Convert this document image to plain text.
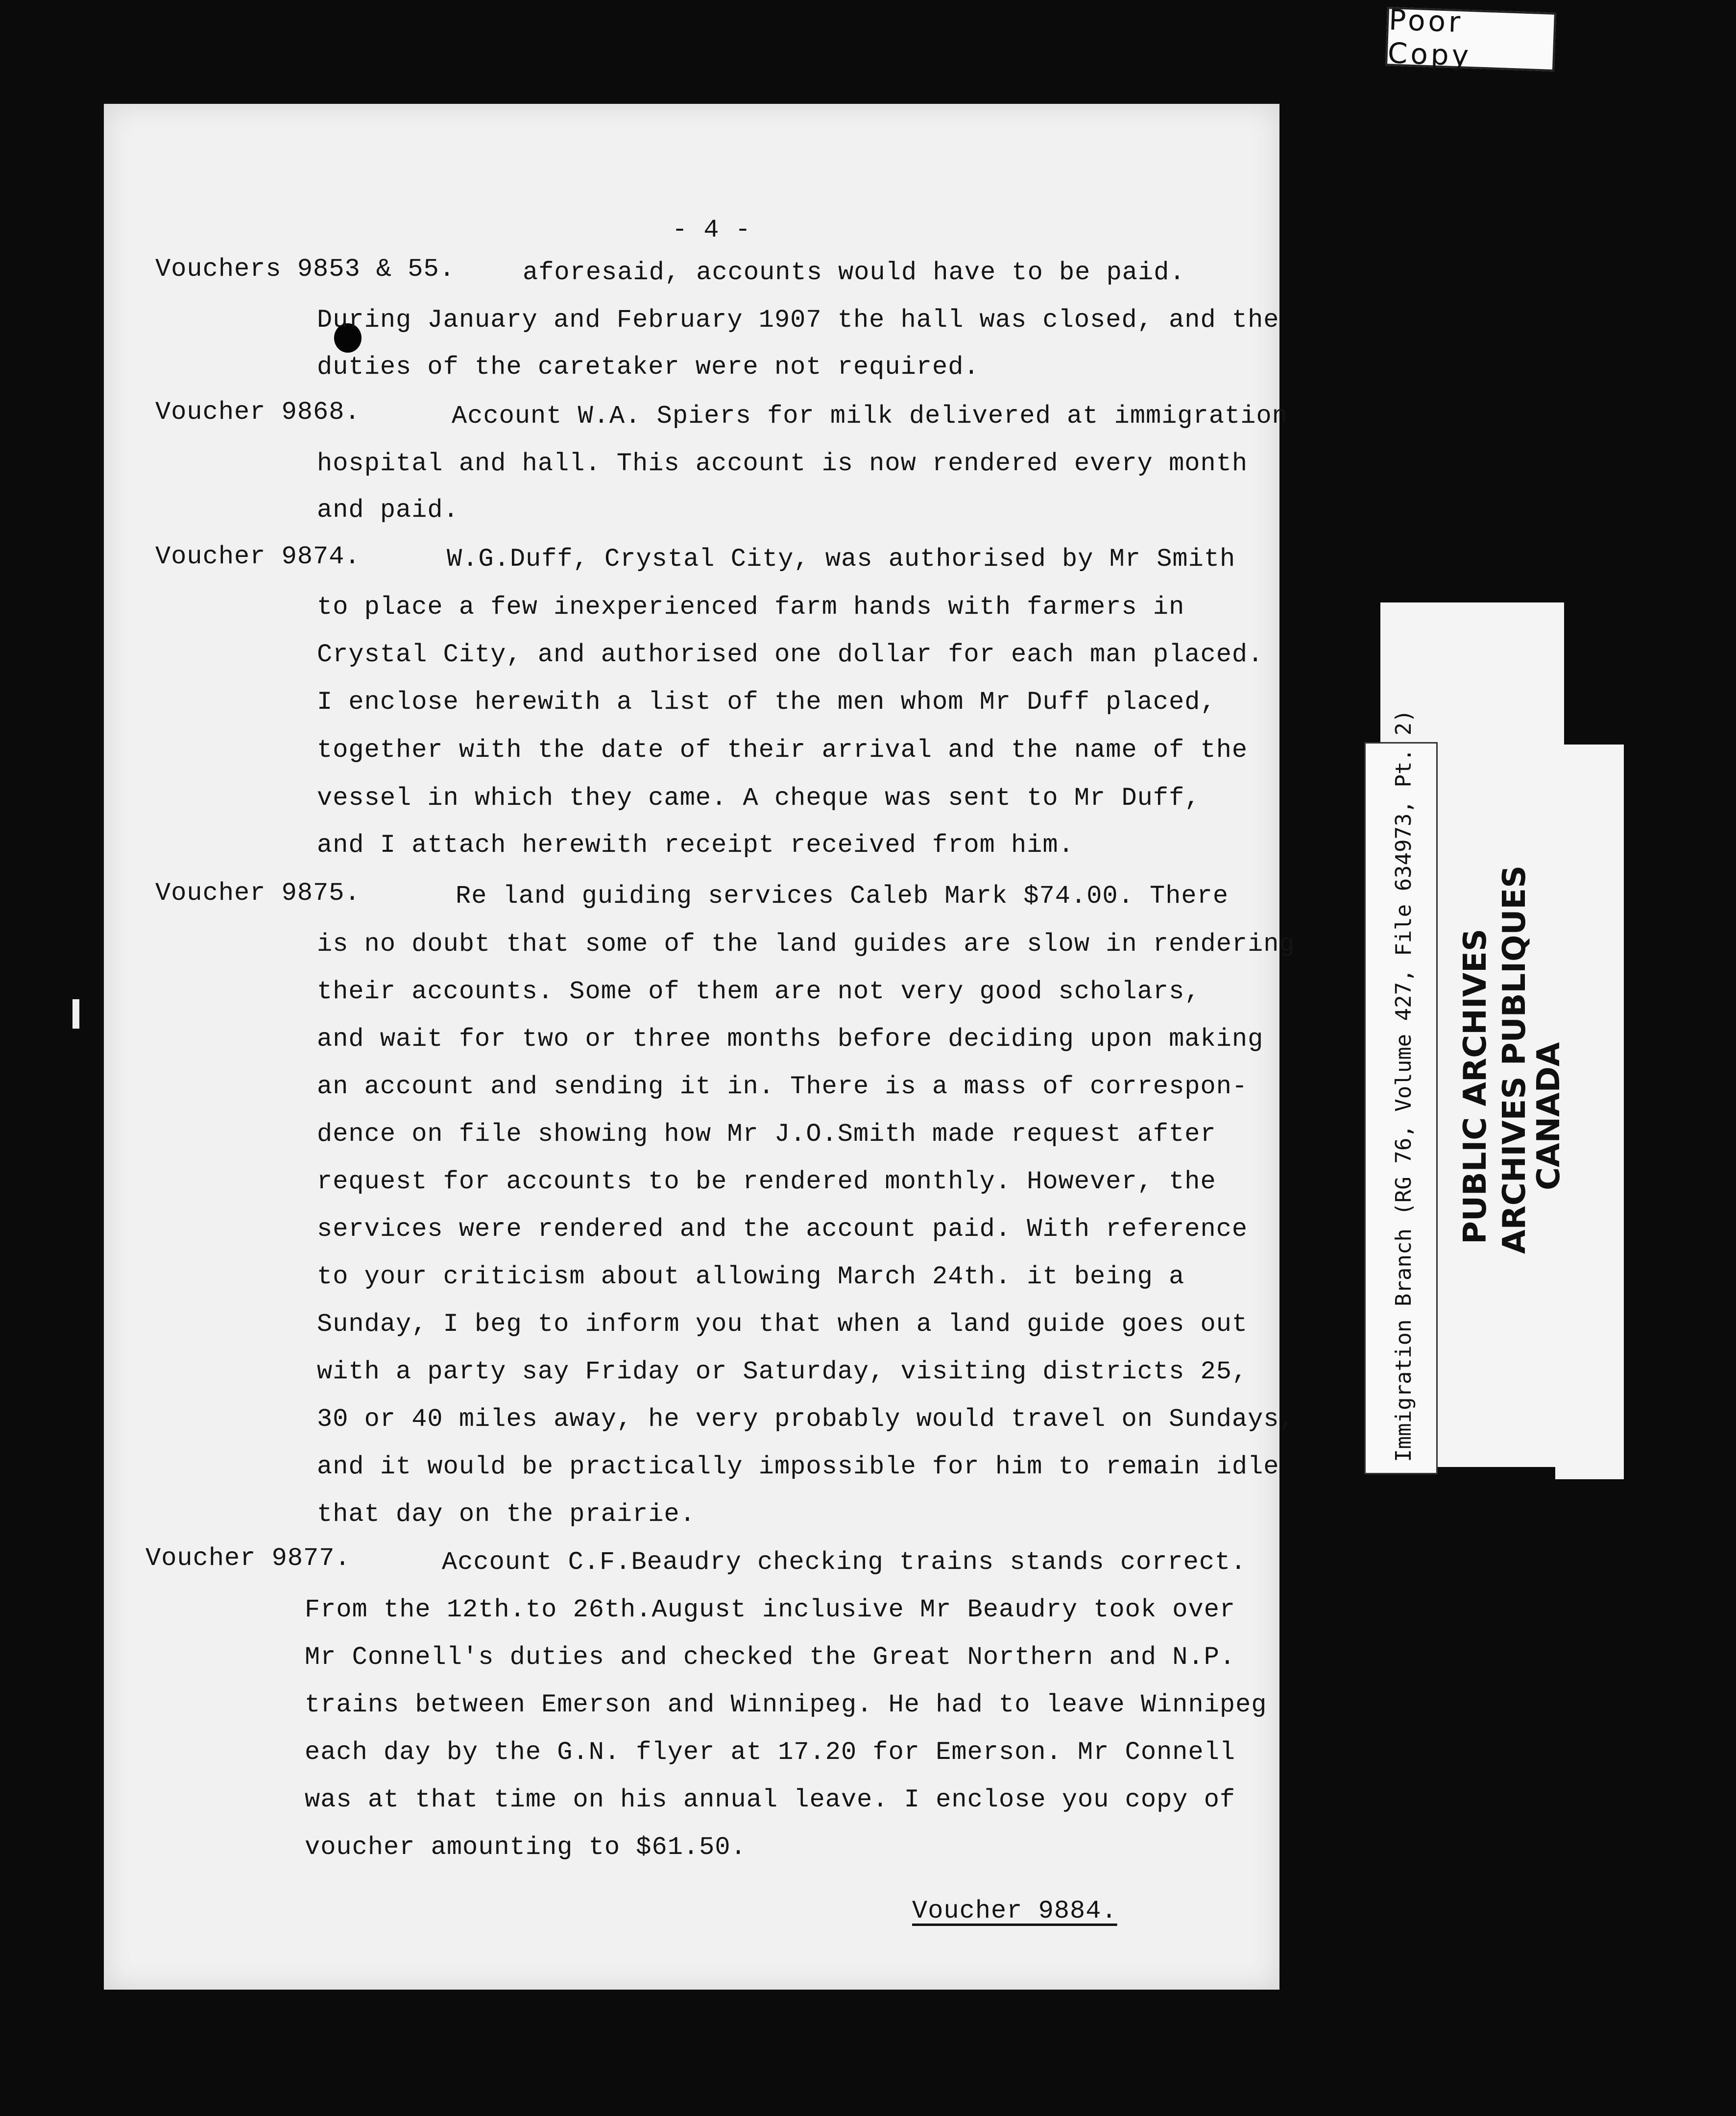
Poor Copy
- 4 -
Vouchers 9853 & 55.	aforesaid, accounts would have to be paid.
During January and February 1907 the hall was closed, and the
duties of the caretaker were not required.
Voucher 9868.	Account W.A. Spiers for milk delivered at immigration
hospital and hall. This account is now rendered every month
and paid.
Voucher 9874.	W.G.Duff, Crystal City, was authorised by Mr Smith
to place a few inexperienced farm hands with farmers in
Crystal City, and authorised one dollar for each man placed.
I enclose herewith a list of the men whom Mr Duff placed,
together with the date of their arrival and the name of the
vessel in which they came. A cheque was sent to Mr Duff,
and I attach herewith receipt received from him.
Voucher 9875.	Re land guiding services Caleb Mark $74.00. There
is no doubt that some of the land guides are slow in rendering
their accounts. Some of them are not very good scholars,
and wait for two or three months before deciding upon making
an account and sending it in. There is a mass of correspon-
dence on file showing how Mr J.O.Smith made request after
request for accounts to be rendered monthly. However, the
services were rendered and the account paid. With reference
to your criticism about allowing March 24th. it being a
Sunday, I beg to inform you that when a land guide goes out
with a party say Friday or Saturday, visiting districts 25,
30 or 40 miles away, he very probably would travel on Sundays,
and it would be practically impossible for him to remain idle
that day on the prairie.
Voucher 9877.	Account C.F.Beaudry checking trains stands correct.
From the 12th.to 26th.August inclusive Mr Beaudry took over
Mr Connell's duties and checked the Great Northern and N.P.
trains between Emerson and Winnipeg. He had to leave Winnipeg
each day by the G.N. flyer at 17.20 for Emerson. Mr Connell
was at that time on his annual leave. I enclose you copy of
voucher amounting to $61.50.
Voucher 9884.
Immigration Branch (RG 76, Volume 427, File 634973, Pt. 2) PUBLIC ARCHIVES ARCHIVES PUBLIQUES
CANADA
